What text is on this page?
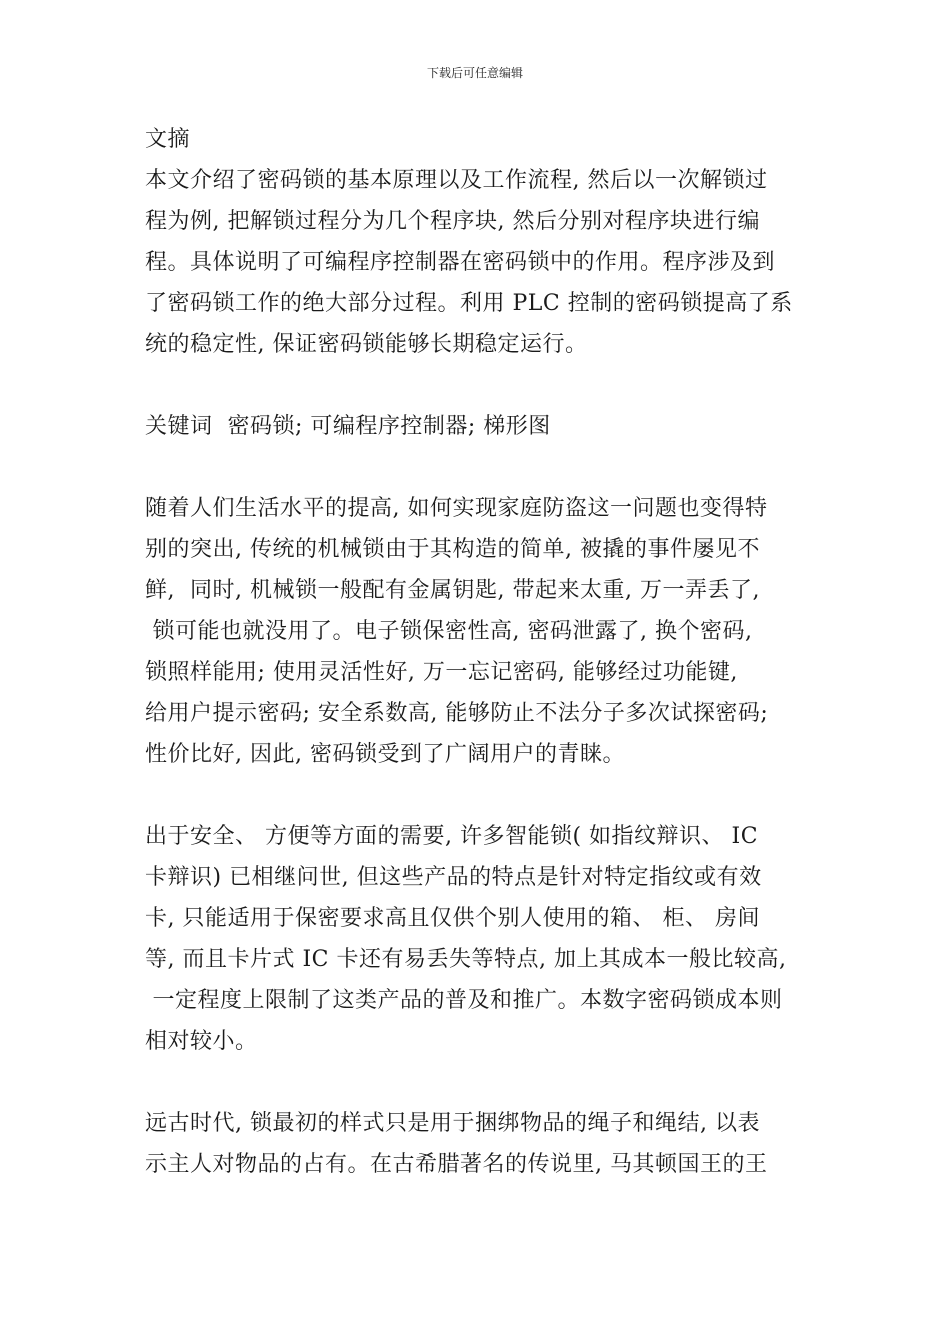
下载后可任意编辑
文摘
本文介绍了密码锁的基本原理以及工作流程, 然后以一次解锁过
程为例, 把解锁过程分为几个程序块, 然后分别对程序块进行编
程。具体说明了可编程序控制器在密码锁中的作用。程序涉及到
了密码锁工作的绝大部分过程。利用 PLC 控制的密码锁提高了系
统的稳定性, 保证密码锁能够长期稳定运行。
关键词  密码锁; 可编程序控制器; 梯形图
随着人们生活水平的提高, 如何实现家庭防盗这一问题也变得特
别的突出, 传统的机械锁由于其构造的简单, 被撬的事件屡见不
鲜,  同时, 机械锁一般配有金属钥匙, 带起来太重, 万一弄丢了,
锁可能也就没用了。电子锁保密性高, 密码泄露了, 换个密码,
锁照样能用; 使用灵活性好, 万一忘记密码, 能够经过功能键,
给用户提示密码; 安全系数高, 能够防止不法分子多次试探密码;
性价比好, 因此, 密码锁受到了广阔用户的青睐。
出于安全、 方便等方面的需要, 许多智能锁( 如指纹辩识、 IC
卡辩识) 已相继问世, 但这些产品的特点是针对特定指纹或有效
卡, 只能适用于保密要求高且仅供个别人使用的箱、 柜、 房间
等, 而且卡片式 IC 卡还有易丢失等特点, 加上其成本一般比较高,
一定程度上限制了这类产品的普及和推广。本数字密码锁成本则
相对较小。
远古时代, 锁最初的样式只是用于捆绑物品的绳子和绳结, 以表
示主人对物品的占有。在古希腊著名的传说里, 马其顿国王的王
